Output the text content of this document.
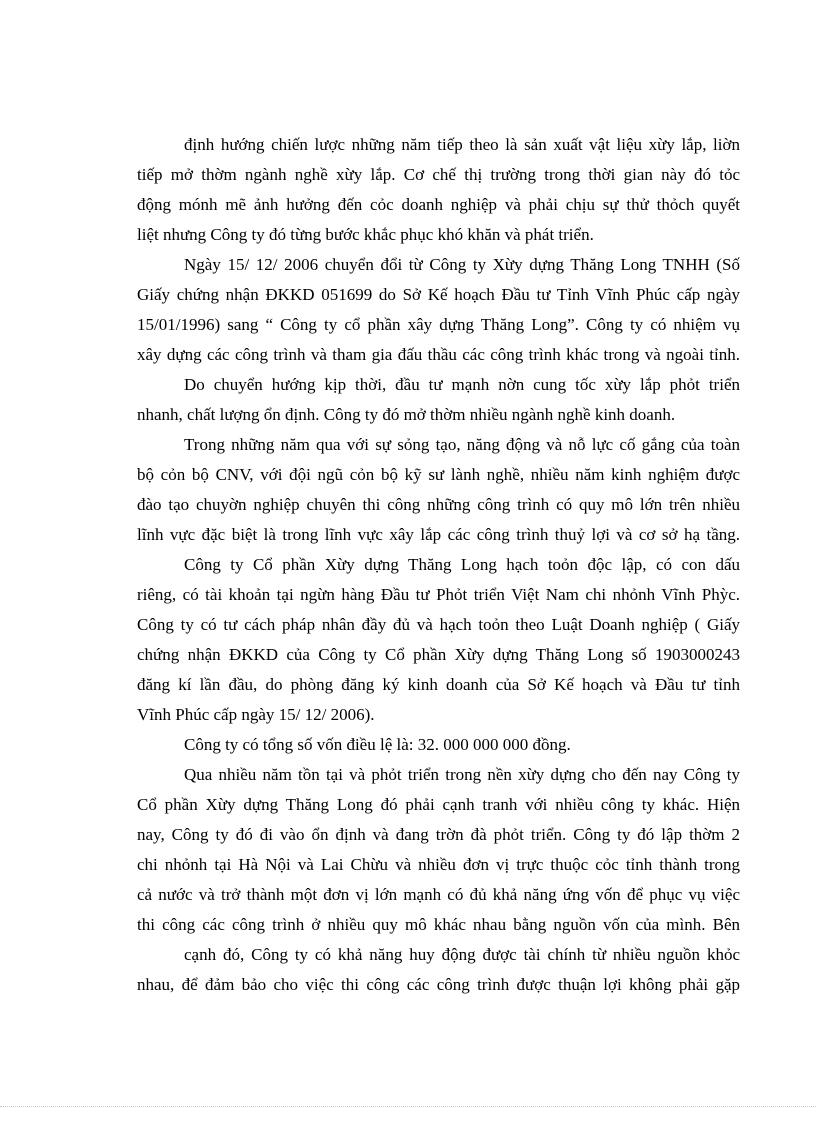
định hướng chiến lược những năm tiếp theo là sản xuất vật liệu xừy lắp, liờn
tiếp mở thờm ngành nghề xừy lắp. Cơ chế thị trường trong thời gian này đó tỏc
động mónh mẽ ảnh hưởng đến cỏc doanh nghiệp và phải chịu sự thử thỏch quyết
liệt nhưng Công ty đó từng bước khắc phục khó khăn và phát triển.
Ngày 15/ 12/ 2006 chuyển đổi từ Công ty Xừy dựng Thăng Long TNHH (Số
Giấy chứng nhận ĐKKD 051699 do Sở Kế hoạch Đầu tư Tỉnh Vĩnh Phúc cấp ngày
15/01/1996) sang “ Công ty cổ phần xây dựng Thăng Long”. Công ty có nhiệm vụ
xây dựng các công trình và tham gia đấu thầu các công trình khác trong và ngoài tỉnh.
Do chuyển hướng kịp thời, đầu tư mạnh nờn cung tốc xừy lắp phỏt triển
nhanh, chất lượng ổn định. Công ty đó mở thờm nhiều ngành nghề kinh doanh.
Trong những năm qua với sự sỏng tạo, năng động và nỗ lực cố gắng của toàn
bộ cỏn bộ CNV, với đội ngũ cỏn bộ kỹ sư lành nghề, nhiều năm kinh nghiệm được
đào tạo chuyờn nghiệp chuyên thi công những công trình có quy mô lớn trên nhiều
lĩnh vực đặc biệt là trong lĩnh vực xây lắp các công trình thuỷ lợi và cơ sở hạ tầng.
Công ty Cổ phần Xừy dựng Thăng Long hạch toỏn độc lập, có con dấu
riêng, có tài khoản tại ngừn hàng Đầu tư Phỏt triển Việt Nam chi nhỏnh Vĩnh Phỳc.
Công ty có tư cách pháp nhân đầy đủ và hạch toỏn theo Luật Doanh nghiệp ( Giấy
chứng nhận ĐKKD của Công ty Cổ phần Xừy dựng Thăng Long số 1903000243
đăng kí lần đầu, do phòng đăng ký kinh doanh của Sở Kế hoạch và Đầu tư tỉnh
Vĩnh Phúc cấp ngày 15/ 12/ 2006).
Công ty có tổng số vốn điều lệ là: 32. 000 000 000 đồng.
Qua nhiều năm tồn tại và phỏt triển trong nền xừy dựng cho đến nay Công ty
Cổ phần Xừy dựng Thăng Long đó phải cạnh tranh với nhiều công ty khác. Hiện
nay, Công ty đó đi vào ổn định và đang trờn đà phỏt triển. Công ty đó lập thờm 2
chi nhỏnh tại Hà Nội và Lai Chừu và nhiều đơn vị trực thuộc cỏc tỉnh thành trong
cả nước và trở thành một đơn vị lớn mạnh có đủ khả năng ứng vốn để phục vụ việc
thi công các công trình ở nhiều quy mô khác nhau bằng nguồn vốn của mình. Bên
cạnh đó, Công ty có khả năng huy động được tài chính từ nhiều nguồn khỏc
nhau, để đảm bảo cho việc thi công các công trình được thuận lợi không phải gặp
